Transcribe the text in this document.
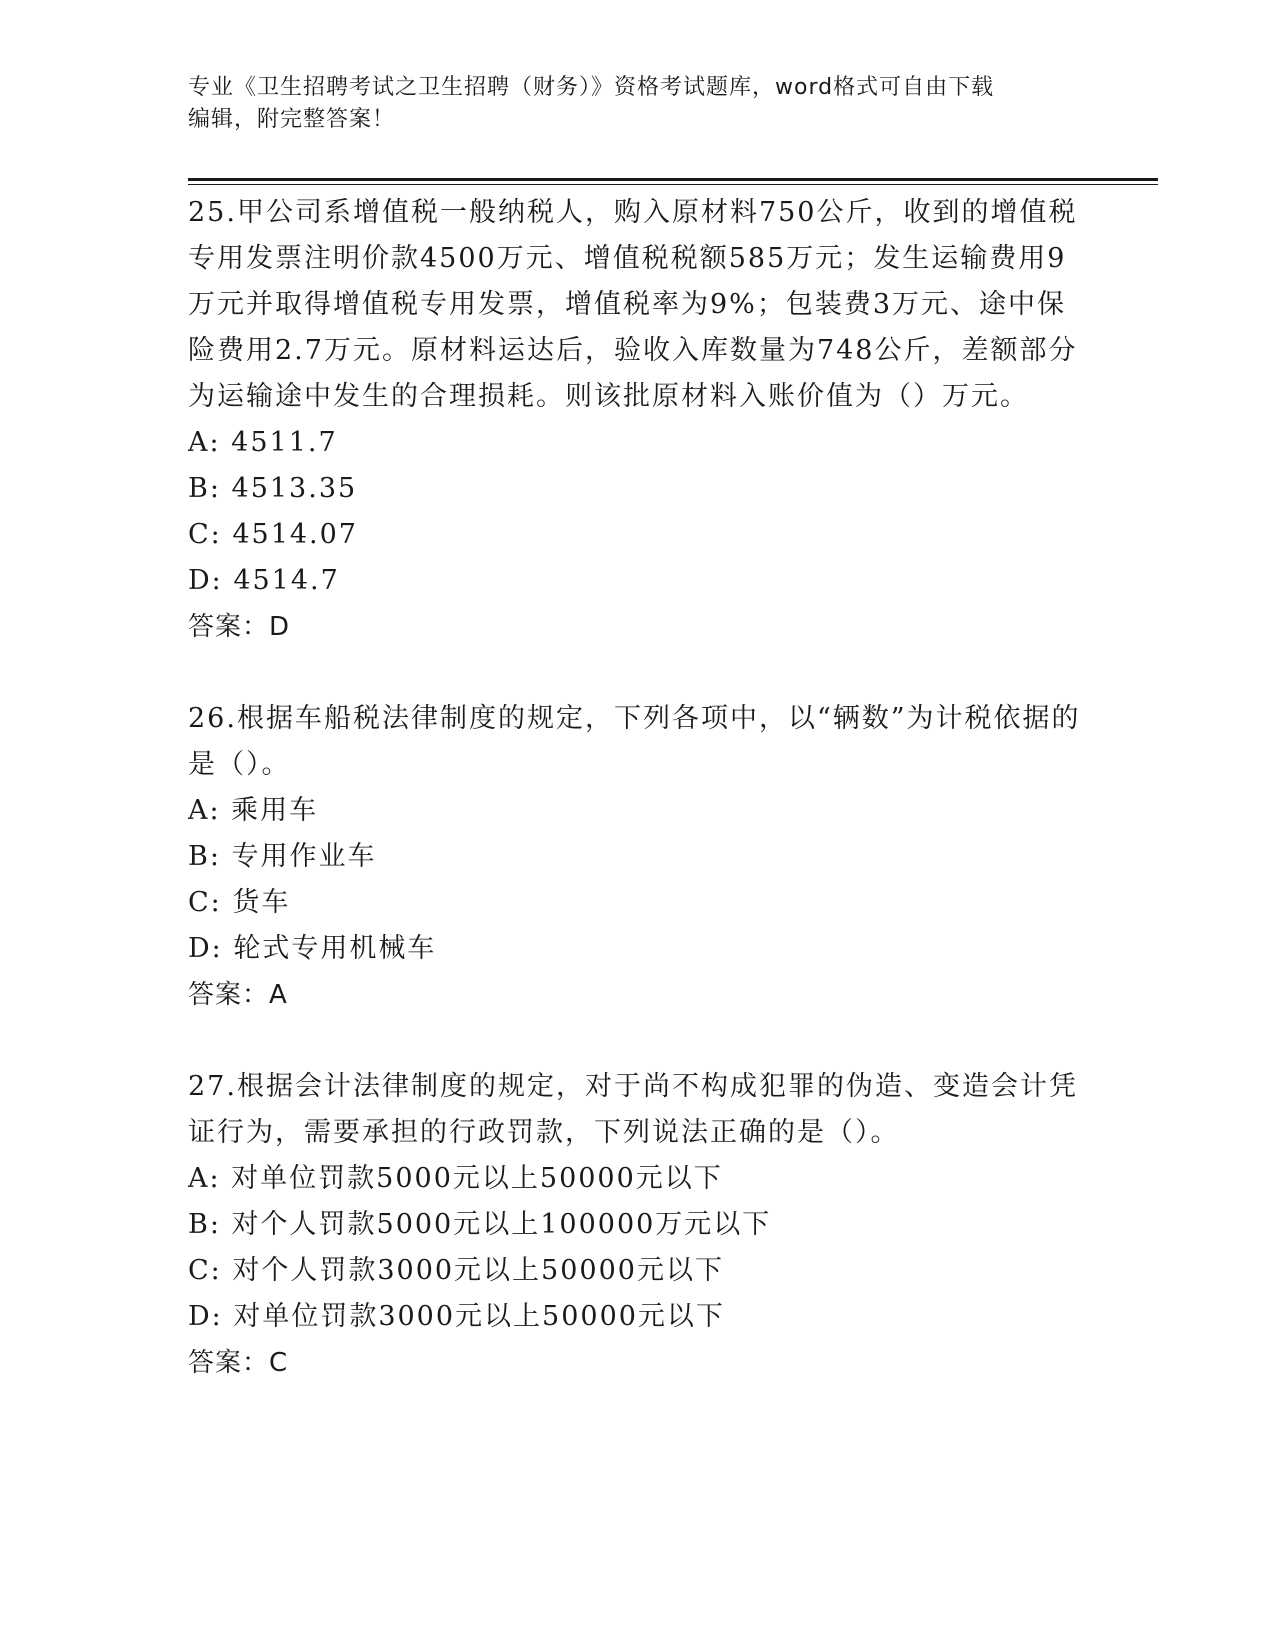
专业《卫生招聘考试之卫生招聘（财务）》资格考试题库，word格式可自由下载
编辑，附完整答案！
25.甲公司系增值税一般纳税人，购入原材料750公斤，收到的增值税专用发票注明价款4500万元、增值税税额585万元；发生运输费用9万元并取得增值税专用发票，增值税率为9%；包装费3万元、途中保险费用2.7万元。原材料运达后，验收入库数量为748公斤，差额部分为运输途中发生的合理损耗。则该批原材料入账价值为（）万元。
A: 4511.7
B: 4513.35
C: 4514.07
D: 4514.7
答案：D
26.根据车船税法律制度的规定，下列各项中，以“辆数”为计税依据的是（）。
A: 乘用车
B: 专用作业车
C: 货车
D: 轮式专用机械车
答案：A
27.根据会计法律制度的规定，对于尚不构成犯罪的伪造、变造会计凭证行为，需要承担的行政罚款，下列说法正确的是（）。
A: 对单位罚款5000元以上50000元以下
B: 对个人罚款5000元以上100000万元以下
C: 对个人罚款3000元以上50000元以下
D: 对单位罚款3000元以上50000元以下
答案：C
